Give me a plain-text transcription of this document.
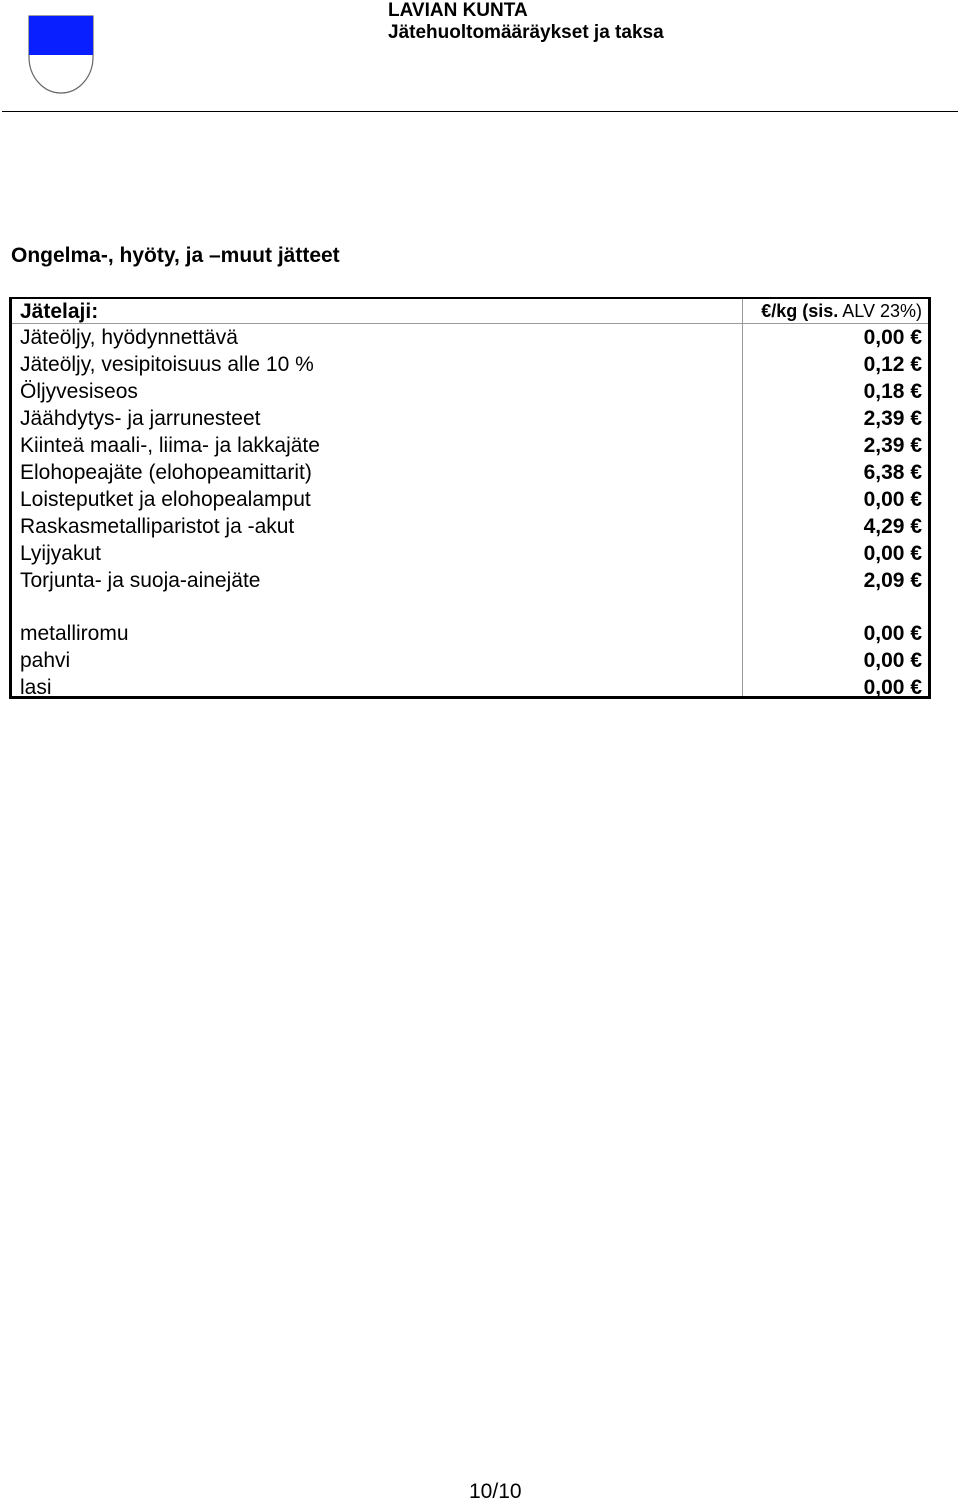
LAVIAN KUNTA
Jätehuoltomääräykset ja taksa
Ongelma-, hyöty, ja –muut jätteet
Jätelaji:	€/kg (sis. ALV 23%)
Jäteöljy, hyödynnettävä	0,00 €
Jäteöljy, vesipitoisuus alle 10 %	0,12 €
Öljyvesiseos	0,18 €
Jäähdytys- ja jarrunesteet	2,39 €
Kiinteä maali-, liima- ja lakkajäte	2,39 €
Elohopeajäte (elohopeamittarit)	6,38 €
Loisteputket ja elohopealamput	0,00 €
Raskasmetalliparistot ja -akut	4,29 €
Lyijyakut	0,00 €
Torjunta- ja suoja-ainejäte	2,09 €
metalliromu	0,00 €
pahvi	0,00 €
lasi	0,00 €
10/10
